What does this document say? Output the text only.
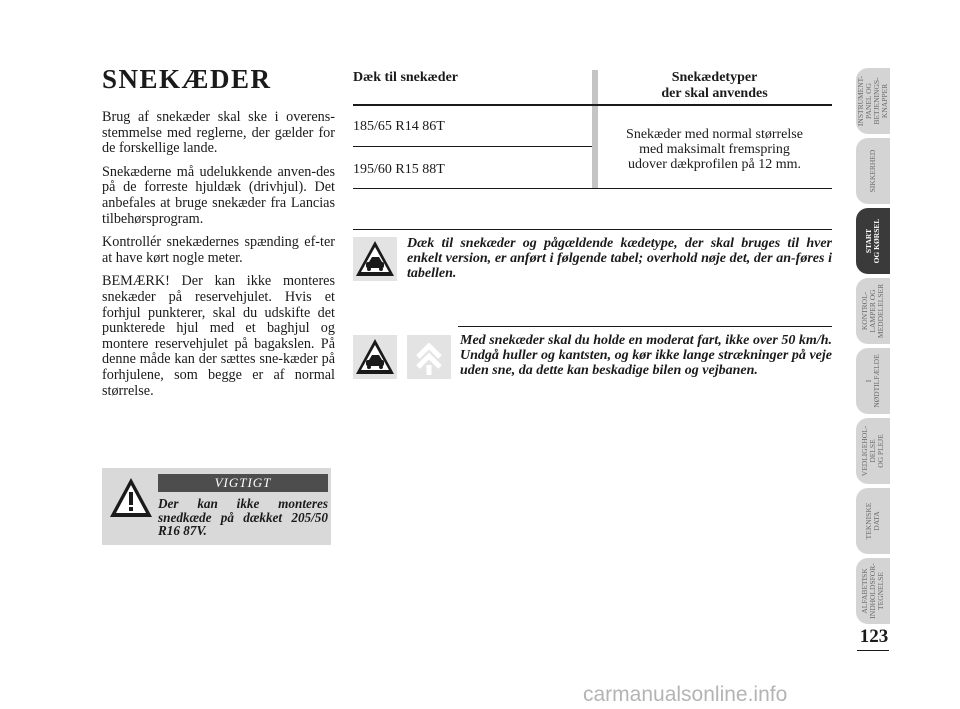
SNEKÆDER

Brug af snekæder skal ske i overens-stemmelse med reglerne, der gælder for de forskellige lande.

Snekæderne må udelukkende anven-des på de forreste hjuldæk (drivhjul). Det anbefales at bruge snekæder fra Lancias tilbehørsprogram.

Kontrollér snekædernes spænding ef-ter at have kørt nogle meter.

BEMÆRK! Der kan ikke monteres snekæder på reservehjulet. Hvis et forhjul punkterer, skal du udskifte det punkterede hjul med et baghjul og montere reservehjulet på bagakslen. På denne måde kan der sættes sne-kæder på forhjulene, som begge er af normal størrelse.

VIGTIGT
Der kan ikke monteres snedkæde på dækket 205/50 R16 87V.
Dæk til snekæder	Snekædetyper
der skal anvendes
185/65 R14 86T
195/60 R15 88T
Snekæder med normal størrelse
med maksimalt fremspring
udover dækprofilen på 12 mm.
Dæk til snekæder og pågældende kædetype, der skal bruges til hver enkelt version, er anført i følgende tabel; overhold nøje det, der an-føres i tabellen.
Med snekæder skal du holde en moderat fart, ikke over 50 km/h. Undgå huller og kantsten, og kør ikke lange strækninger på veje uden sne, da dette kan beskadige bilen og vejbanen.
INSTRUMENT-
PANEL OG
BETJENINGS-
KNAPPER
SIKKERHED
START
OG KØRSEL
KONTROL-
LAMPER OG
MEDDELELSER
I
NØDTILFÆLDE
VEDLIGEHOL-
DELSE
OG PLEJE
TEKNISKE
DATA
ALFABETISK
INDHOLDSFOR-
TEGNELSE
123
carmanualsonline.info
